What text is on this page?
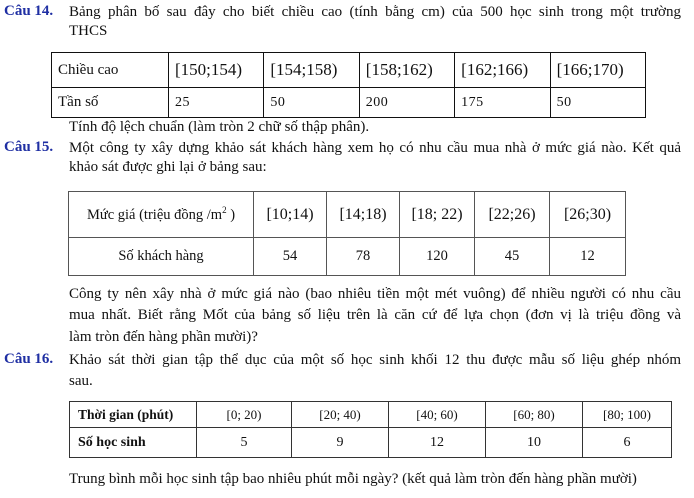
Câu 14. Bảng phân bố sau đây cho biết chiều cao (tính bằng cm) của 500 học sinh trong một trường
THCS
Chiều cao	[150;154)	[154;158)	[158;162)	[162;166)	[166;170)
Tần số	25	50	200	175	50
Tính độ lệch chuẩn (làm tròn 2 chữ số thập phân).
Câu 15. Một công ty xây dựng khảo sát khách hàng xem họ có nhu cầu mua nhà ở mức giá nào. Kết quả
khảo sát được ghi lại ở bảng sau:
Mức giá (triệu đồng $/m^2$ )	[10;14)	[14;18)	[18; 22)	[22;26)	[26;30)
Số khách hàng	54	78	120	45	12
Công ty nên xây nhà ở mức giá nào (bao nhiêu tiền một mét vuông) để nhiều người có nhu cầu
mua nhất. Biết rằng Mốt của bảng số liệu trên là căn cứ để lựa chọn (đơn vị là triệu đồng và
làm tròn đến hàng phần mười)?
Câu 16. Khảo sát thời gian tập thể dục của một số học sinh khối 12 thu được mẫu số liệu ghép nhóm
sau.
Thời gian (phút)	[0; 20)	[20; 40)	[40; 60)	[60; 80)	[80; 100)
Số học sinh	5	9	12	10	6
Trung bình mỗi học sinh tập bao nhiêu phút mỗi ngày? (kết quả làm tròn đến hàng phần mười)
